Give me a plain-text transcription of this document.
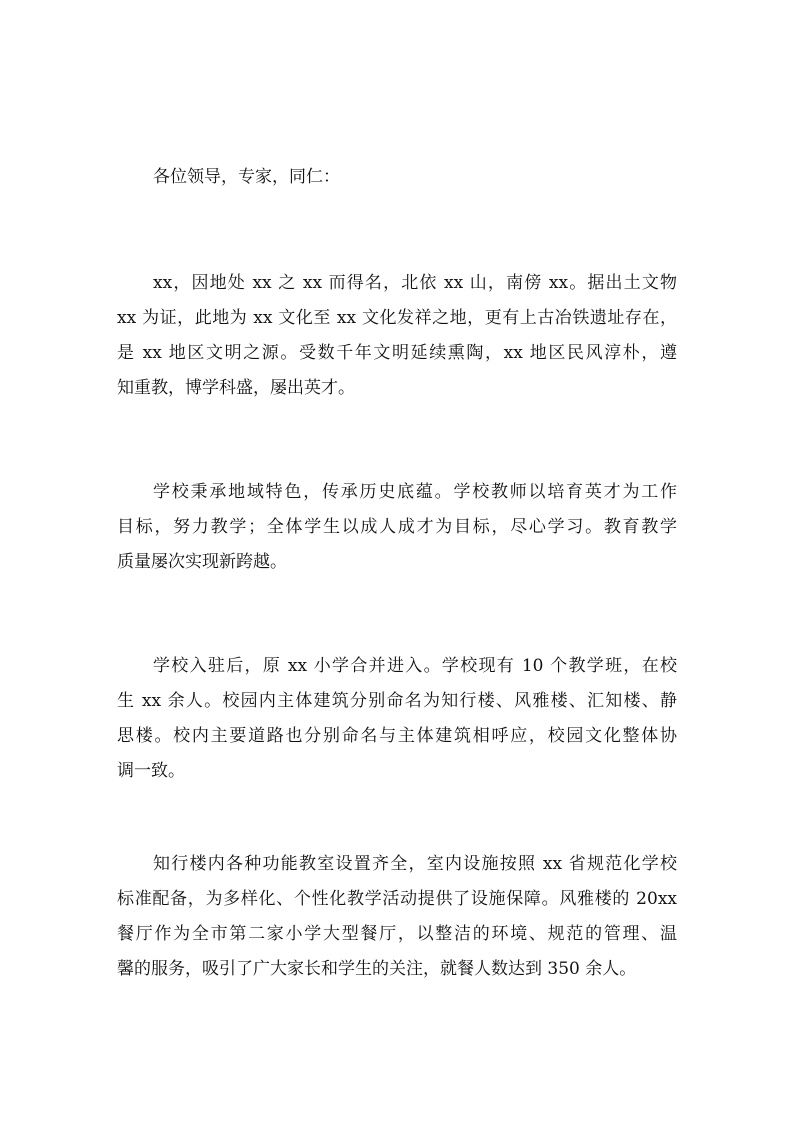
各位领导，专家，同仁：
xx，因地处 xx 之 xx 而得名，北依 xx 山，南傍 xx。据出土文物
xx 为证，此地为 xx 文化至 xx 文化发祥之地，更有上古冶铁遗址存在，
是 xx 地区文明之源。受数千年文明延续熏陶，xx 地区民风淳朴，遵
知重教，博学科盛，屡出英才。
学校秉承地域特色，传承历史底蕴。学校教师以培育英才为工作
目标，努力教学；全体学生以成人成才为目标，尽心学习。教育教学
质量屡次实现新跨越。
学校入驻后，原 xx 小学合并进入。学校现有 10 个教学班，在校
生 xx 余人。校园内主体建筑分别命名为知行楼、风雅楼、汇知楼、静
思楼。校内主要道路也分别命名与主体建筑相呼应，校园文化整体协
调一致。
知行楼内各种功能教室设置齐全，室内设施按照 xx 省规范化学校
标准配备，为多样化、个性化教学活动提供了设施保障。风雅楼的 20xx
餐厅作为全市第二家小学大型餐厅，以整洁的环境、规范的管理、温
馨的服务，吸引了广大家长和学生的关注，就餐人数达到 350 余人。
